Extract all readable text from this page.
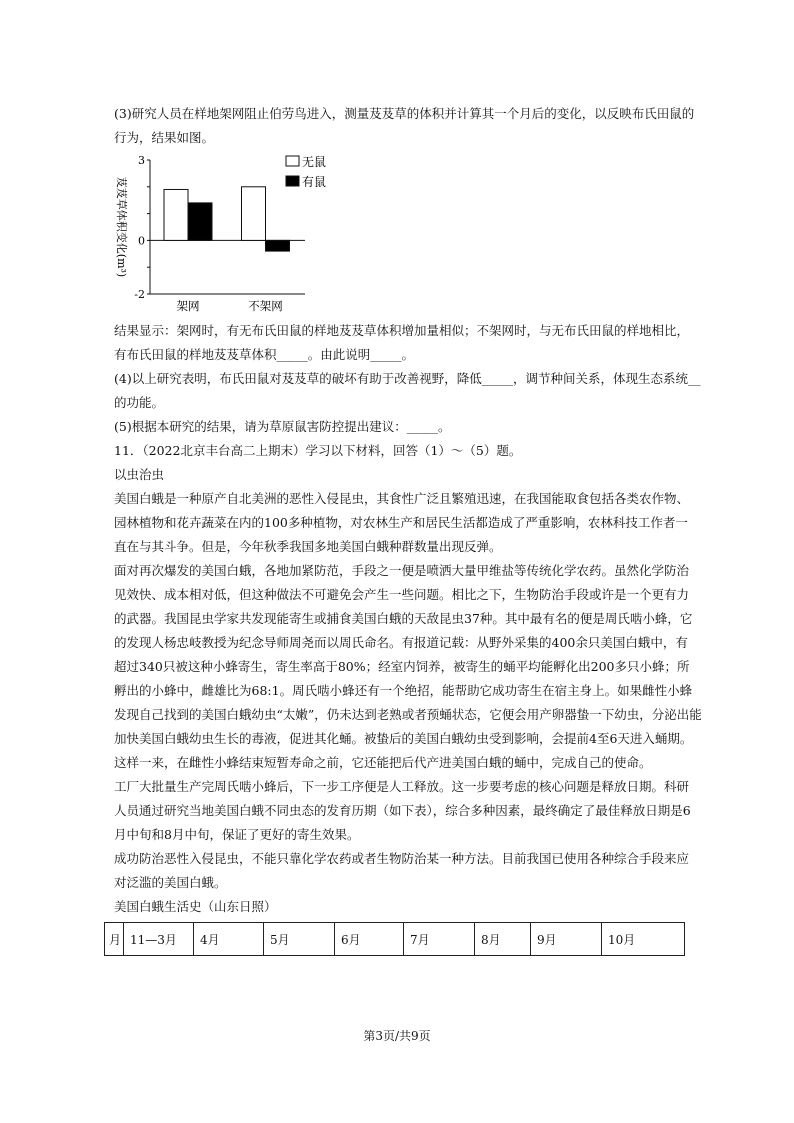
(3)研究人员在样地架网阻止伯劳鸟进入，测量芨芨草的体积并计算其一个月后的变化，以反映布氏田鼠的
行为，结果如图。
3
0
-2
芨芨草体积变化(m³)
架网	不架网
无鼠
有鼠
结果显示：架网时，有无布氏田鼠的样地芨芨草体积增加量相似；不架网时，与无布氏田鼠的样地相比，
有布氏田鼠的样地芨芨草体积_____。由此说明_____。
(4)以上研究表明，布氏田鼠对芨芨草的破坏有助于改善视野，降低_____，调节种间关系，体现生态系统__
的功能。
(5)根据本研究的结果，请为草原鼠害防控提出建议：_____。
11．（2022北京丰台高二上期末）学习以下材料，回答（1）～（5）题。
以虫治虫
美国白蛾是一种原产自北美洲的恶性入侵昆虫，其食性广泛且繁殖迅速，在我国能取食包括各类农作物、
园林植物和花卉蔬菜在内的100多种植物，对农林生产和居民生活都造成了严重影响，农林科技工作者一
直在与其斗争。但是，今年秋季我国多地美国白蛾种群数量出现反弹。
面对再次爆发的美国白蛾，各地加紧防范，手段之一便是喷洒大量甲维盐等传统化学农药。虽然化学防治
见效快、成本相对低，但这种做法不可避免会产生一些问题。相比之下，生物防治手段或许是一个更有力
的武器。我国昆虫学家共发现能寄生或捕食美国白蛾的天敌昆虫37种。其中最有名的便是周氏啮小蜂，它
的发现人杨忠岐教授为纪念导师周尧而以周氏命名。有报道记载：从野外采集的400余只美国白蛾中，有
超过340只被这种小蜂寄生，寄生率高于80%；经室内饲养，被寄生的蛹平均能孵化出200多只小蜂；所
孵出的小蜂中，雌雄比为68:1。周氏啮小蜂还有一个绝招，能帮助它成功寄生在宿主身上。如果雌性小蜂
发现自己找到的美国白蛾幼虫“太嫩”，仍未达到老熟或者预蛹状态，它便会用产卵器蛰一下幼虫，分泌出能
加快美国白蛾幼虫生长的毒液，促进其化蛹。被蛰后的美国白蛾幼虫受到影响，会提前4至6天进入蛹期。
这样一来，在雌性小蜂结束短暂寿命之前，它还能把后代产进美国白蛾的蛹中，完成自己的使命。
工厂大批量生产完周氏啮小蜂后，下一步工序便是人工释放。这一步要考虑的核心问题是释放日期。科研
人员通过研究当地美国白蛾不同虫态的发育历期（如下表），综合多种因素，最终确定了最佳释放日期是6
月中旬和8月中旬，保证了更好的寄生效果。
成功防治恶性入侵昆虫，不能只靠化学农药或者生物防治某一种方法。目前我国已使用各种综合手段来应
对泛滥的美国白蛾。
美国白蛾生活史（山东日照）
月	11—3月	4月	5月	6月	7月	8月	9月	10月
第3页/共9页
